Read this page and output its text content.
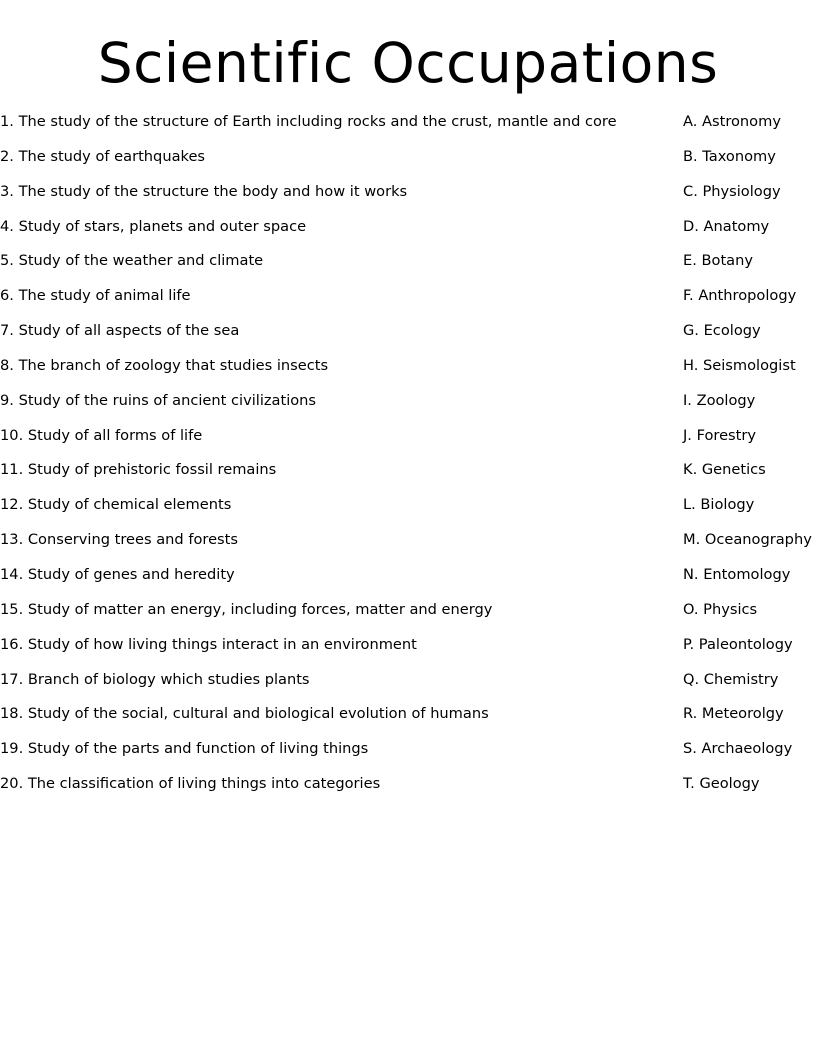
Scientific Occupations
1. The study of the structure of Earth including rocks and the crust, mantle and core	A. Astronomy
2. The study of earthquakes	B. Taxonomy
3. The study of the structure the body and how it works	C. Physiology
4. Study of stars, planets and outer space	D. Anatomy
5. Study of the weather and climate	E. Botany
6. The study of animal life	F. Anthropology
7. Study of all aspects of the sea	G. Ecology
8. The branch of zoology that studies insects	H. Seismologist
9. Study of the ruins of ancient civilizations	I. Zoology
10. Study of all forms of life	J. Forestry
11. Study of prehistoric fossil remains	K. Genetics
12. Study of chemical elements	L. Biology
13. Conserving trees and forests	M. Oceanography
14. Study of genes and heredity	N. Entomology
15. Study of matter an energy, including forces, matter and energy	O. Physics
16. Study of how living things interact in an environment	P. Paleontology
17. Branch of biology which studies plants	Q. Chemistry
18. Study of the social, cultural and biological evolution of humans	R. Meteorolgy
19. Study of the parts and function of living things	S. Archaeology
20. The classification of living things into categories	T. Geology
